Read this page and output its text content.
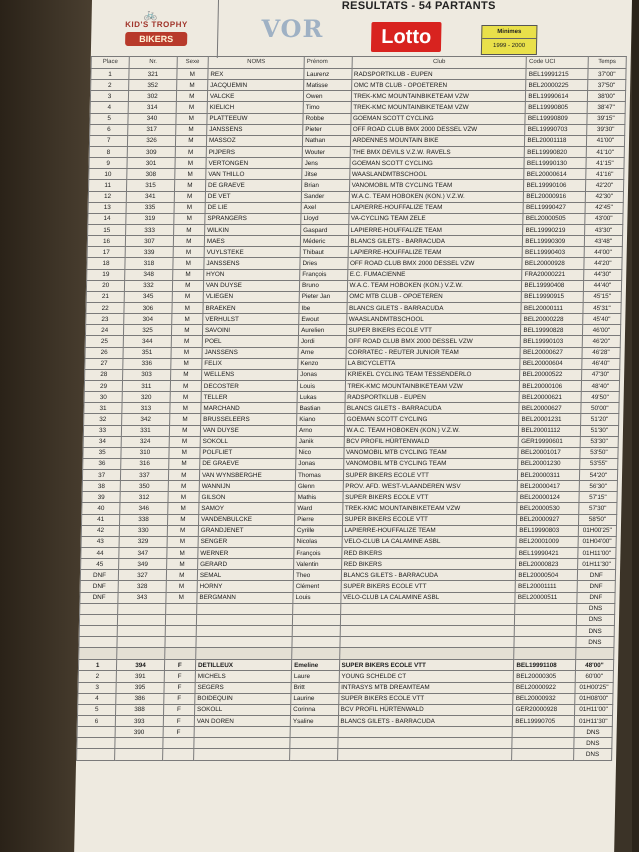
🚲
KID'S TROPHY
BIKERS	VOR
RESULTATS - 54 PARTANTS
Lotto	Minimes
1999 - 2000
Place	Nr.	Sexe	NOMS	Prénom	Club	Code UCI	Temps
1	321	M	REX	Laurenz	RADSPORTKLUB - EUPEN	BEL19991215	37'00"
2	352	M	JACQUEMIN	Matisse	OMC MTB CLUB - OPOETEREN	BEL20000225	37'50"
3	302	M	VALCKE	Owen	TREK-KMC MOUNTAINBIKETEAM VZW	BEL19990614	38'00"
4	314	M	KIELICH	Timo	TREK-KMC MOUNTAINBIKETEAM VZW	BEL19990805	38'47"
5	340	M	PLATTEEUW	Robbe	GOEMAN SCOTT CYCLING	BEL19990809	39'15"
6	317	M	JANSSENS	Pieter	OFF ROAD CLUB BMX 2000 DESSEL VZW	BEL19990703	39'30"
7	326	M	MASSOZ	Nathan	ARDENNES MOUNTAIN BIKE	BEL20001118	41'00"
8	309	M	PIJPERS	Wouter	THE BMX DEVILS V.Z.W. RAVELS	BEL19990820	41'10"
9	301	M	VERTONGEN	Jens	GOEMAN SCOTT CYCLING	BEL19990130	41'15"
10	308	M	VAN THILLO	Jitse	WAASLANDMTBSCHOOL	BEL20000614	41'16"
11	315	M	DE GRAEVE	Brian	VANOMOBIL MTB CYCLING TEAM	BEL19990106	42'20"
12	341	M	DE VET	Sander	W.A.C. TEAM HOBOKEN (KON.) V.Z.W.	BEL20000916	42'30"
13	335	M	DE LIE	Axel	LAPIERRE-HOUFFALIZE TEAM	BEL19990427	42'45"
14	319	M	SPRANGERS	Lloyd	VA-CYCLING TEAM ZELE	BEL20000505	43'00"
15	333	M	WILKIN	Gaspard	LAPIERRE-HOUFFALIZE TEAM	BEL19990219	43'30"
16	307	M	MAES	Méderic	BLANCS GILETS - BARRACUDA	BEL19990309	43'48"
17	339	M	VUYLSTEKE	Thibaut	LAPIERRE-HOUFFALIZE TEAM	BEL19990403	44'00"
18	318	M	JANSSENS	Dries	OFF ROAD CLUB BMX 2000 DESSEL VZW	BEL20000928	44'20"
19	348	M	HYON	François	E.C. FUMACIENNE	FRA20000221	44'30"
20	332	M	VAN DUYSE	Bruno	W.A.C. TEAM HOBOKEN (KON.) V.Z.W.	BEL19990408	44'40"
21	345	M	VLIEGEN	Pieter Jan	OMC MTB CLUB - OPOETEREN	BEL19990915	45'15"
22	306	M	BRAEKEN	Ibe	BLANCS GILETS - BARRACUDA	BEL20000111	45'31"
23	304	M	VERHULST	Ewout	WAASLANDMTBSCHOOL	BEL20000228	45'40"
24	325	M	SAVOINI	Aurelien	SUPER BIKERS ECOLE VTT	BEL19990828	46'00"
25	344	M	POEL	Jordi	OFF ROAD CLUB BMX 2000 DESSEL VZW	BEL19990103	46'20"
26	351	M	JANSSENS	Arne	CORRATEC - REUTER JUNIOR TEAM	BEL20000627	46'28"
27	336	M	FELIX	Kenzo	LA BICYCLETTA	BEL20000604	46'40"
28	303	M	WELLENS	Jonas	KRIEKEL CYCLING TEAM TESSENDERLO	BEL20000522	47'30"
29	311	M	DECOSTER	Louis	TREK-KMC MOUNTAINBIKETEAM VZW	BEL20000106	48'40"
30	320	M	TELLER	Lukas	RADSPORTKLUB - EUPEN	BEL20000621	49'50"
31	313	M	MARCHAND	Bastian	BLANCS GILETS - BARRACUDA	BEL20000627	50'00"
32	342	M	BRUSSELEERS	Kiano	GOEMAN SCOTT CYCLING	BEL20001231	51'20"
33	331	M	VAN DUYSE	Arno	W.A.C. TEAM HOBOKEN (KON.) V.Z.W.	BEL20001112	51'30"
34	324	M	SOKOLL	Janik	BCV PROFIL HÜRTENWALD	GER19990601	53'30"
35	310	M	POLFLIET	Nico	VANOMOBIL MTB CYCLING TEAM	BEL20001017	53'50"
36	316	M	DE GRAEVE	Jonas	VANOMOBIL MTB CYCLING TEAM	BEL20001230	53'55"
37	337	M	VAN WYNSBERGHE	Thomas	SUPER BIKERS ECOLE VTT	BEL20000311	54'20"
38	350	M	WANNIJN	Glenn	PROV. AFD. WEST-VLAANDEREN WSV	BEL20000417	56'30"
39	312	M	GILSON	Mathis	SUPER BIKERS ECOLE VTT	BEL20000124	57'15"
40	346	M	SAMOY	Ward	TREK-KMC MOUNTAINBIKETEAM VZW	BEL20000530	57'30"
41	338	M	VANDENBULCKE	Pierre	SUPER BIKERS ECOLE VTT	BEL20000927	58'50"
42	330	M	GRANDJENET	Cyrille	LAPIERRE-HOUFFALIZE TEAM	BEL19990803	01H00'25"
43	329	M	SENGER	Nicolas	VELO-CLUB LA CALAMINE ASBL	BEL20001009	01H04'00"
44	347	M	WERNER	François	RED BIKERS	BEL19990421	01H11'00"
45	349	M	GERARD	Valentin	RED BIKERS	BEL20000823	01H11'30"
DNF	327	M	SEMAL	Theo	BLANCS GILETS - BARRACUDA	BEL20000504	DNF
DNF	328	M	HORNY	Clément	SUPER BIKERS ECOLE VTT	BEL20001111	DNF
DNF	343	M	BERGMANN	Louis	VELO-CLUB LA CALAMINE ASBL	BEL20000511	DNF
							DNS
							DNS
							DNS
							DNS

1	394	F	DETILLEUX	Emeline	SUPER BIKERS ECOLE VTT	BEL19991108	48'00"
2	391	F	MICHELS	Laure	YOUNG SCHELDE CT	BEL20000305	60'00"
3	395	F	SEGERS	Britt	INTRASYS MTB DREAMTEAM	BEL20000922	01H00'25"
4	386	F	BOIDEQUIN	Laurine	SUPER BIKERS ECOLE VTT	BEL20000932	01H08'00"
5	388	F	SOKOLL	Corinna	BCV PROFIL HÜRTENWALD	GER20000928	01H11'00"
6	393	F	VAN DOREN	Ysaline	BLANCS GILETS - BARRACUDA	BEL19990705	01H11'30"
	390	F					DNS
							DNS
							DNS
